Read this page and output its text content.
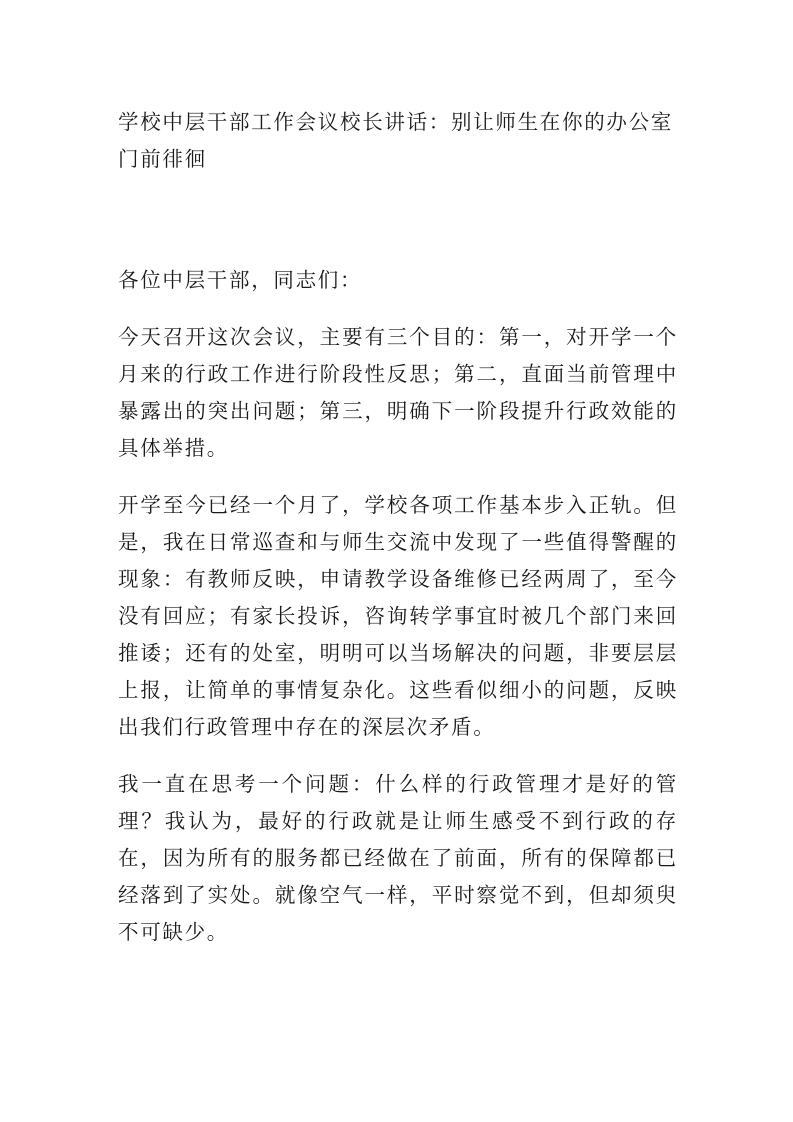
学校中层干部工作会议校长讲话：别让师生在你的办公室门前徘徊

各位中层干部，同志们：

今天召开这次会议，主要有三个目的：第一，对开学一个月来的行政工作进行阶段性反思；第二，直面当前管理中暴露出的突出问题；第三，明确下一阶段提升行政效能的具体举措。

开学至今已经一个月了，学校各项工作基本步入正轨。但是，我在日常巡查和与师生交流中发现了一些值得警醒的现象：有教师反映，申请教学设备维修已经两周了，至今没有回应；有家长投诉，咨询转学事宜时被几个部门来回推诿；还有的处室，明明可以当场解决的问题，非要层层上报，让简单的事情复杂化。这些看似细小的问题，反映出我们行政管理中存在的深层次矛盾。

我一直在思考一个问题：什么样的行政管理才是好的管理？我认为，最好的行政就是让师生感受不到行政的存在，因为所有的服务都已经做在了前面，所有的保障都已经落到了实处。就像空气一样，平时察觉不到，但却须臾不可缺少。
